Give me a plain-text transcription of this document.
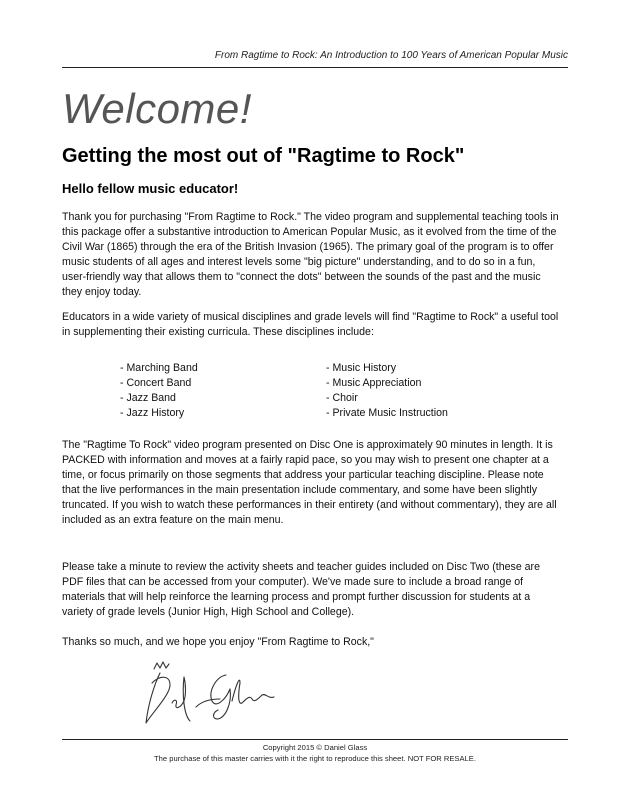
From Ragtime to Rock: An Introduction to 100 Years of American Popular Music
Welcome!
Getting the most out of "Ragtime to Rock"
Hello fellow music educator!

Thank you for purchasing "From Ragtime to Rock." The video program and supplemental teaching tools in this package offer a substantive introduction to American Popular Music, as it evolved from the time of the Civil War (1865) through the era of the British Invasion (1965). The primary goal of the program is to offer music students of all ages and interest levels some "big picture" understanding, and to do so in a fun, user-friendly way that allows them to "connect the dots" between the sounds of the past and the music they enjoy today.

Educators in a wide variety of musical disciplines and grade levels will find "Ragtime to Rock" a useful tool in supplementing their existing curricula. These disciplines include:

- Marching Band
- Concert Band
- Jazz Band
- Jazz History
- Music History
- Music Appreciation
- Choir
- Private Music Instruction

The "Ragtime To Rock" video program presented on Disc One is approximately 90 minutes in length. It is PACKED with information and moves at a fairly rapid pace, so you may wish to present one chapter at a time, or focus primarily on those segments that address your particular teaching discipline. Please note that the live performances in the main presentation include commentary, and some have been slightly truncated. If you wish to watch these performances in their entirety (and without commentary), they are all included as an extra feature on the main menu.

Please take a minute to review the activity sheets and teacher guides included on Disc Two (these are PDF files that can be accessed from your computer). We've made sure to include a broad range of materials that will help reinforce the learning process and prompt further discussion for students at a variety of grade levels (Junior High, High School and College).

Thanks so much, and we hope you enjoy "From Ragtime to Rock,"

Copyright 2015 © Daniel Glass
The purchase of this master carries with it the right to reproduce this sheet. NOT FOR RESALE.
